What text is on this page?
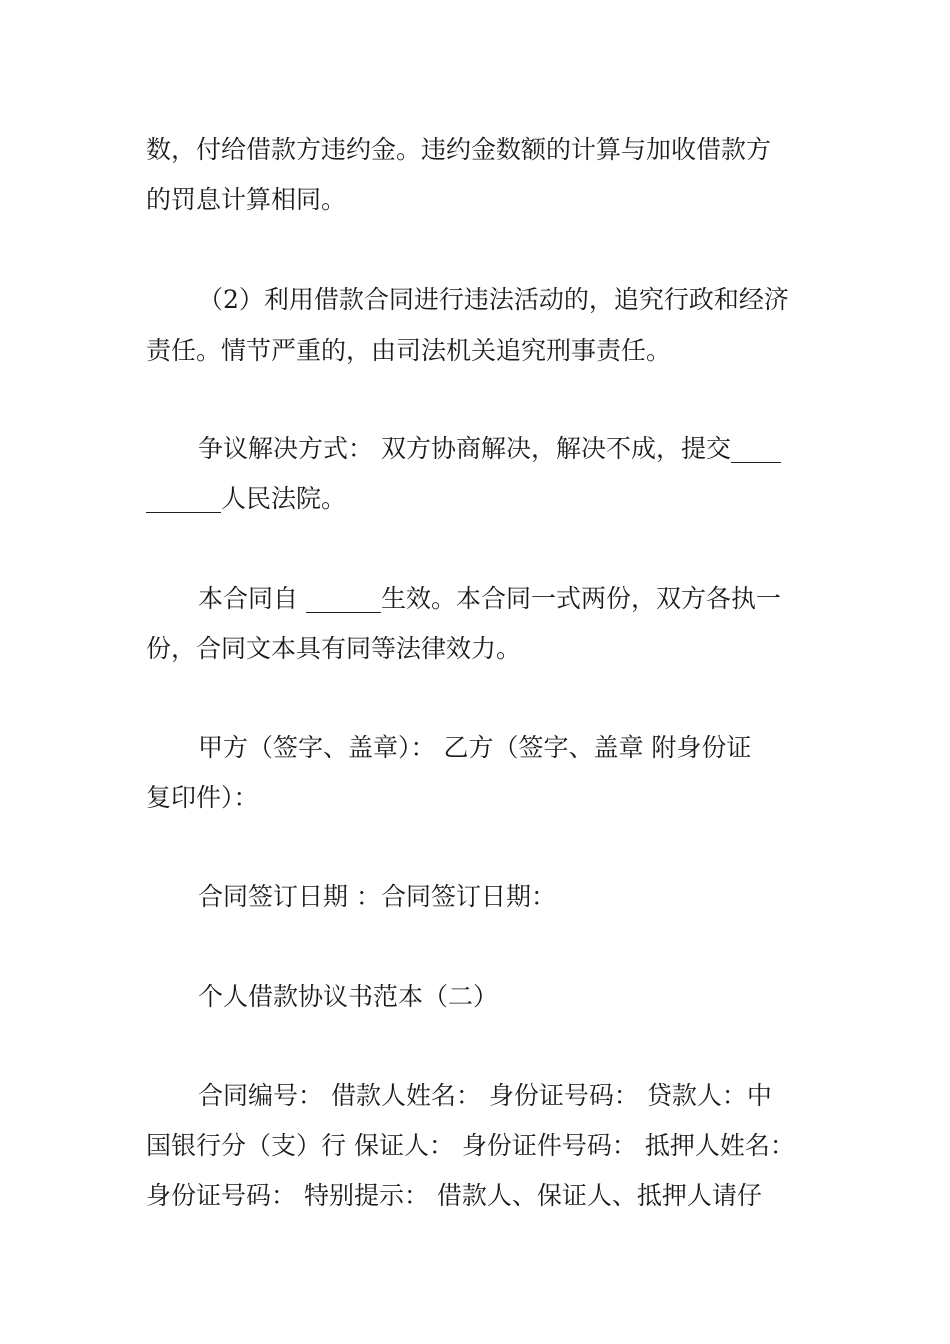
数，付给借款方违约金。违约金数额的计算与加收借款方
的罚息计算相同。
（2）利用借款合同进行违法活动的，追究行政和经济
责任。情节严重的，由司法机关追究刑事责任。
争议解决方式： 双方协商解决，解决不成，提交____
______人民法院。
本合同自 ______生效。本合同一式两份，双方各执一
份，合同文本具有同等法律效力。
甲方（签字、盖章）： 乙方（签字、盖章 附身份证
复印件）：
合同签订日期 ：合同签订日期：
个人借款协议书范本（二）
合同编号： 借款人姓名： 身份证号码： 贷款人：中
国银行分（支）行 保证人： 身份证件号码： 抵押人姓名：
身份证号码： 特别提示： 借款人、保证人、抵押人请仔
